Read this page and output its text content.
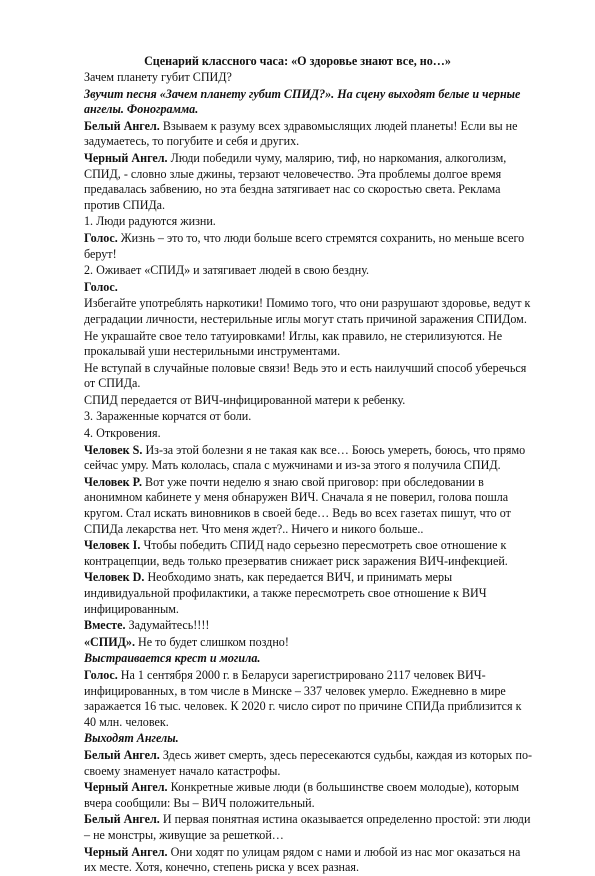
Сценарий классного часа: «О здоровье знают все, но…»

Зачем планету губит СПИД?

Звучит песня «Зачем планету губит СПИД?». На сцену выходят белые и черные ангелы. Фонограмма.

Белый Ангел. Взываем к разуму всех здравомыслящих людей планеты! Если вы не задумаетесь, то погубите и себя и других.

Черный Ангел. Люди победили чуму, малярию, тиф, но наркомания, алкоголизм, СПИД, - словно злые джины, терзают человечество. Эта проблемы долгое время предавалась забвению, но эта бездна затягивает нас со скоростью света. Реклама против СПИДа.

1. Люди радуются жизни.

Голос. Жизнь – это то, что люди больше всего стремятся сохранить, но меньше всего берут!

2. Оживает «СПИД» и затягивает людей в свою бездну.

Голос.

Избегайте употреблять наркотики! Помимо того, что они разрушают здоровье, ведут к деградации личности, нестерильные иглы могут стать причиной заражения СПИДом.

Не украшайте свое тело татуировками! Иглы, как правило, не стерилизуются. Не прокалывай уши нестерильными инструментами.

Не вступай в случайные половые связи! Ведь это и есть наилучший способ уберечься от СПИДа.

СПИД передается от ВИЧ-инфицированной матери к ребенку.

3. Зараженные корчатся от боли.

4. Откровения.

Человек S. Из-за этой болезни я не такая как все… Боюсь умереть, боюсь, что прямо сейчас умру. Мать кололась, спала с мужчинами и из-за этого я получила СПИД.

Человек P. Вот уже почти неделю я знаю свой приговор: при обследовании в анонимном кабинете у меня обнаружен ВИЧ. Сначала я не поверил, голова пошла кругом. Стал искать виновников в своей беде… Ведь во всех газетах пишут, что от СПИДа лекарства нет. Что меня ждет?.. Ничего и никого больше..

Человек I. Чтобы победить СПИД надо серьезно пересмотреть свое отношение к контрацепции, ведь только презерватив снижает риск заражения ВИЧ-инфекцией.

Человек D. Необходимо знать, как передается ВИЧ, и принимать меры индивидуальной профилактики, а также пересмотреть свое отношение к ВИЧ инфицированным.

Вместе. Задумайтесь!!!!

«СПИД». Не то будет слишком поздно!

Выстраивается крест и могила.

Голос. На 1 сентября 2000 г. в Беларуси зарегистрировано 2117 человек ВИЧ-инфицированных, в том числе в Минске – 337 человек умерло. Ежедневно в мире заражается 16 тыс. человек. К 2020 г. число сирот по причине СПИДа приблизится к 40 млн. человек.

Выходят Ангелы.

Белый Ангел. Здесь живет смерть, здесь пересекаются судьбы, каждая из которых по-своему знаменует начало катастрофы.

Черный Ангел. Конкретные живые люди (в большинстве своем молодые), которым вчера сообщили: Вы – ВИЧ положительный.

Белый Ангел. И первая понятная истина оказывается определенно простой: эти люди – не монстры, живущие за решеткой…

Черный Ангел. Они ходят по улицам рядом с нами и любой из нас мог оказаться на их месте. Хотя, конечно, степень риска у всех разная.
